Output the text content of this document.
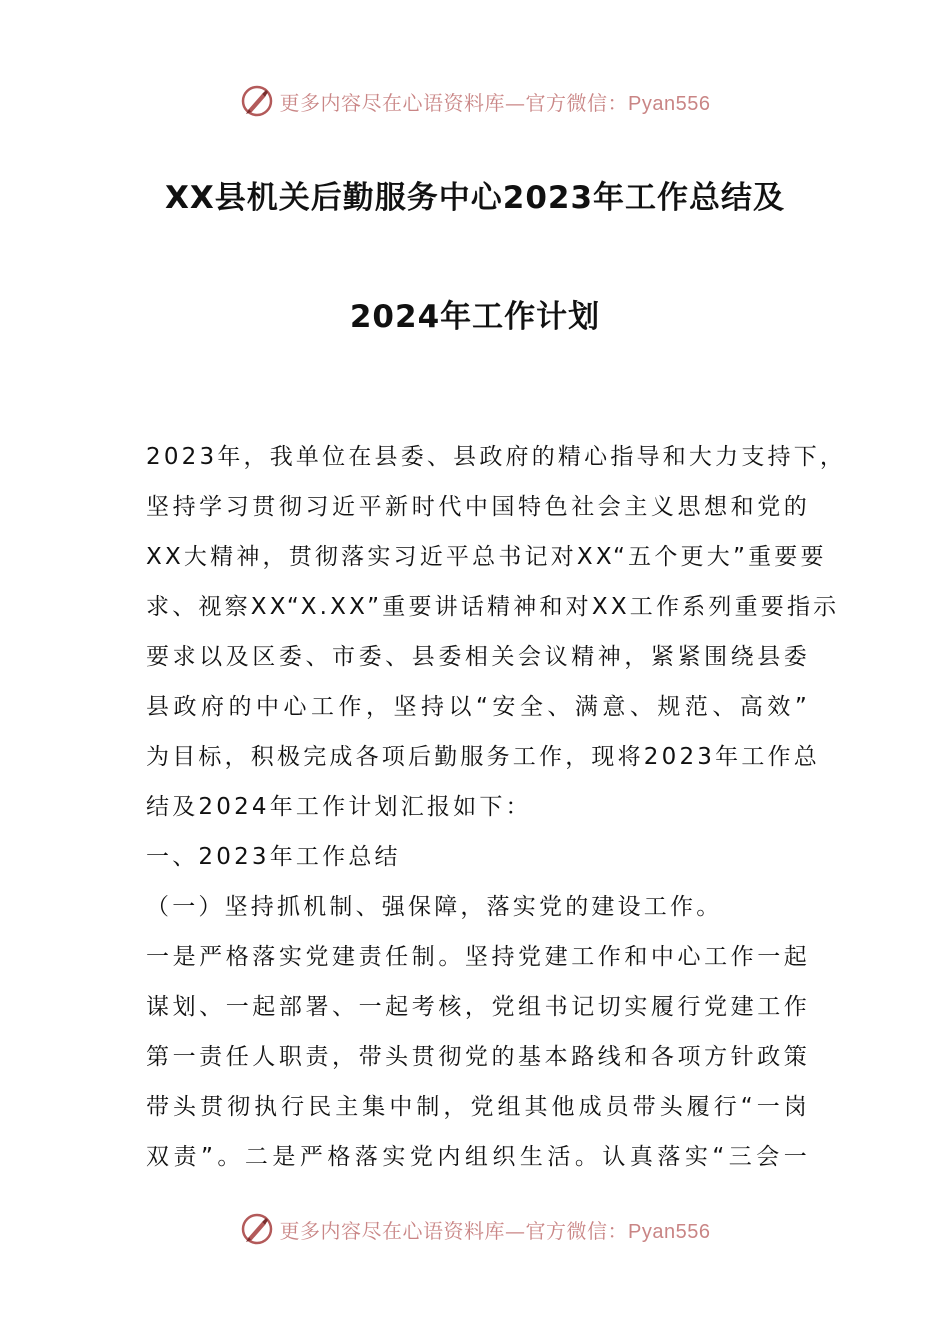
更多内容尽在心语资料库—官方微信：Pyan556
XX县机关后勤服务中心2023年工作总结及
2024年工作计划
2023年，我单位在县委、县政府的精心指导和大力支持下，
坚持学习贯彻习近平新时代中国特色社会主义思想和党的
XX大精神，贯彻落实习近平总书记对XX“五个更大”重要要
求、视察XX“X.XX”重要讲话精神和对XX工作系列重要指示
要求以及区委、市委、县委相关会议精神，紧紧围绕县委
县政府的中心工作，坚持以“安全、满意、规范、高效”
为目标，积极完成各项后勤服务工作，现将2023年工作总
结及2024年工作计划汇报如下：
一、2023年工作总结
（一）坚持抓机制、强保障，落实党的建设工作。
一是严格落实党建责任制。坚持党建工作和中心工作一起
谋划、一起部署、一起考核，党组书记切实履行党建工作
第一责任人职责，带头贯彻党的基本路线和各项方针政策
带头贯彻执行民主集中制，党组其他成员带头履行“一岗
双责”。二是严格落实党内组织生活。认真落实“三会一
更多内容尽在心语资料库—官方微信：Pyan556
